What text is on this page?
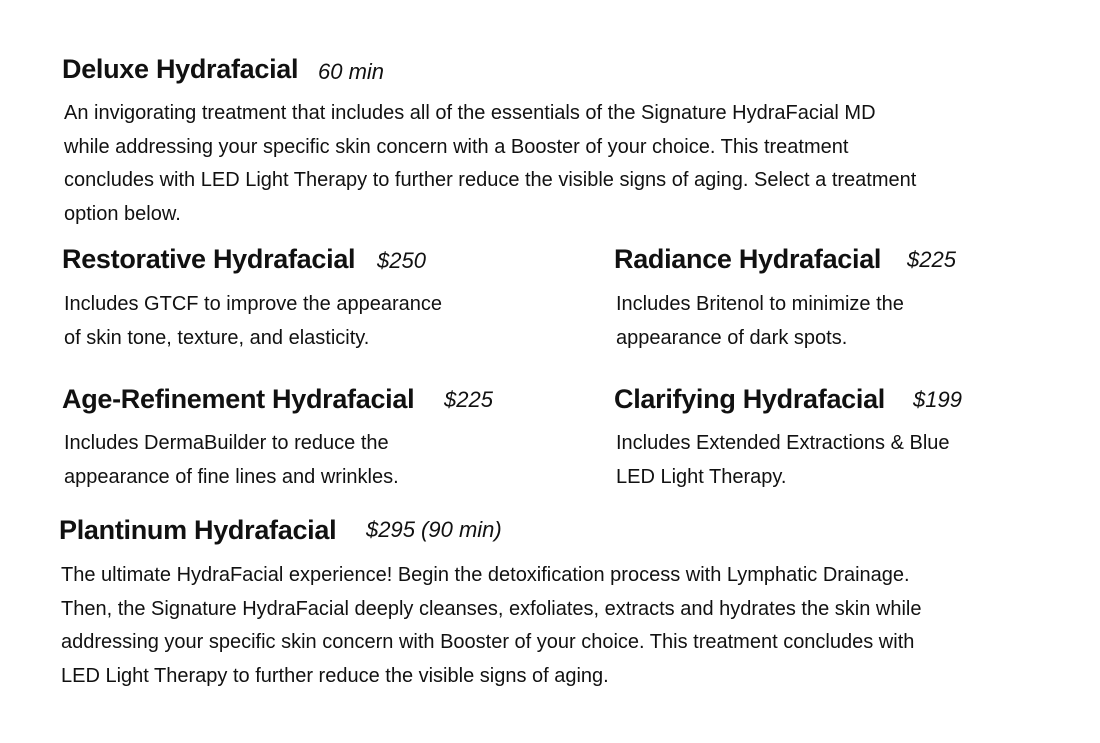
Deluxe Hydrafacial 60 min
An invigorating treatment that includes all of the essentials of the Signature HydraFacial MD
while addressing your specific skin concern with a Booster of your choice. This treatment
concludes with LED Light Therapy to further reduce the visible signs of aging. Select a treatment
option below.
Restorative Hydrafacial $250
Includes GTCF to improve the appearance
of skin tone, texture, and elasticity.
Radiance Hydrafacial $225
Includes Britenol to minimize the
appearance of dark spots.
Age-Refinement Hydrafacial $225
Includes DermaBuilder to reduce the
appearance of fine lines and wrinkles.
Clarifying Hydrafacial $199
Includes Extended Extractions & Blue
LED Light Therapy.
Plantinum Hydrafacial $295 (90 min)
The ultimate HydraFacial experience! Begin the detoxification process with Lymphatic Drainage.
Then, the Signature HydraFacial deeply cleanses, exfoliates, extracts and hydrates the skin while
addressing your specific skin concern with Booster of your choice. This treatment concludes with
LED Light Therapy to further reduce the visible signs of aging.
